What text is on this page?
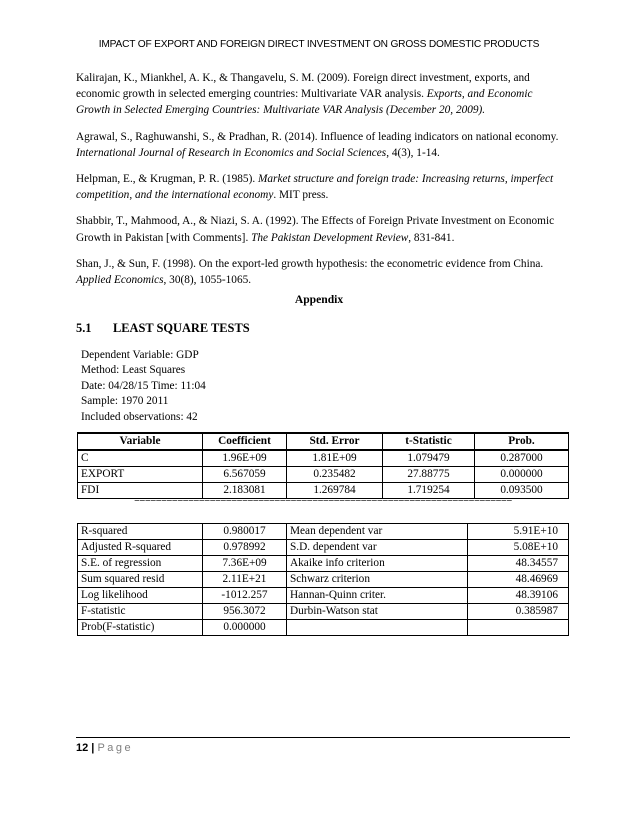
IMPACT OF EXPORT AND FOREIGN DIRECT INVESTMENT ON GROSS DOMESTIC PRODUCTS

Kalirajan, K., Miankhel, A. K., & Thangavelu, S. M. (2009). Foreign direct investment, exports, and economic growth in selected emerging countries: Multivariate VAR analysis. Exports, and Economic Growth in Selected Emerging Countries: Multivariate VAR Analysis (December 20, 2009).

Agrawal, S., Raghuwanshi, S., & Pradhan, R. (2014). Influence of leading indicators on national economy. International Journal of Research in Economics and Social Sciences, 4(3), 1-14.

Helpman, E., & Krugman, P. R. (1985). Market structure and foreign trade: Increasing returns, imperfect competition, and the international economy. MIT press.

Shabbir, T., Mahmood, A., & Niazi, S. A. (1992). The Effects of Foreign Private Investment on Economic Growth in Pakistan [with Comments]. The Pakistan Development Review, 831-841.

Shan, J., & Sun, F. (1998). On the export-led growth hypothesis: the econometric evidence from China. Applied Economics, 30(8), 1055-1065.

Appendix
5.1 LEAST SQUARE TESTS
Dependent Variable: GDP
Method: Least Squares
Date: 04/28/15 Time: 11:04
Sample: 1970 2011
Included observations: 42
Variable	Coefficient	Std. Error	t-Statistic	Prob.
C	1.96E+09	1.81E+09	1.079479	0.287000
EXPORT	6.567059	0.235482	27.88775	0.000000
FDI	2.183081	1.269784	1.719254	0.093500
======================================================================
R-squared	0.980017	Mean dependent var	5.91E+10
Adjusted R-squared	0.978992	S.D. dependent var	5.08E+10
S.E. of regression	7.36E+09	Akaike info criterion	48.34557
Sum squared resid	2.11E+21	Schwarz criterion	48.46969
Log likelihood	-1012.257	Hannan-Quinn criter.	48.39106
F-statistic	956.3072	Durbin-Watson stat	0.385987
Prob(F-statistic)	0.000000		
12 | Page
